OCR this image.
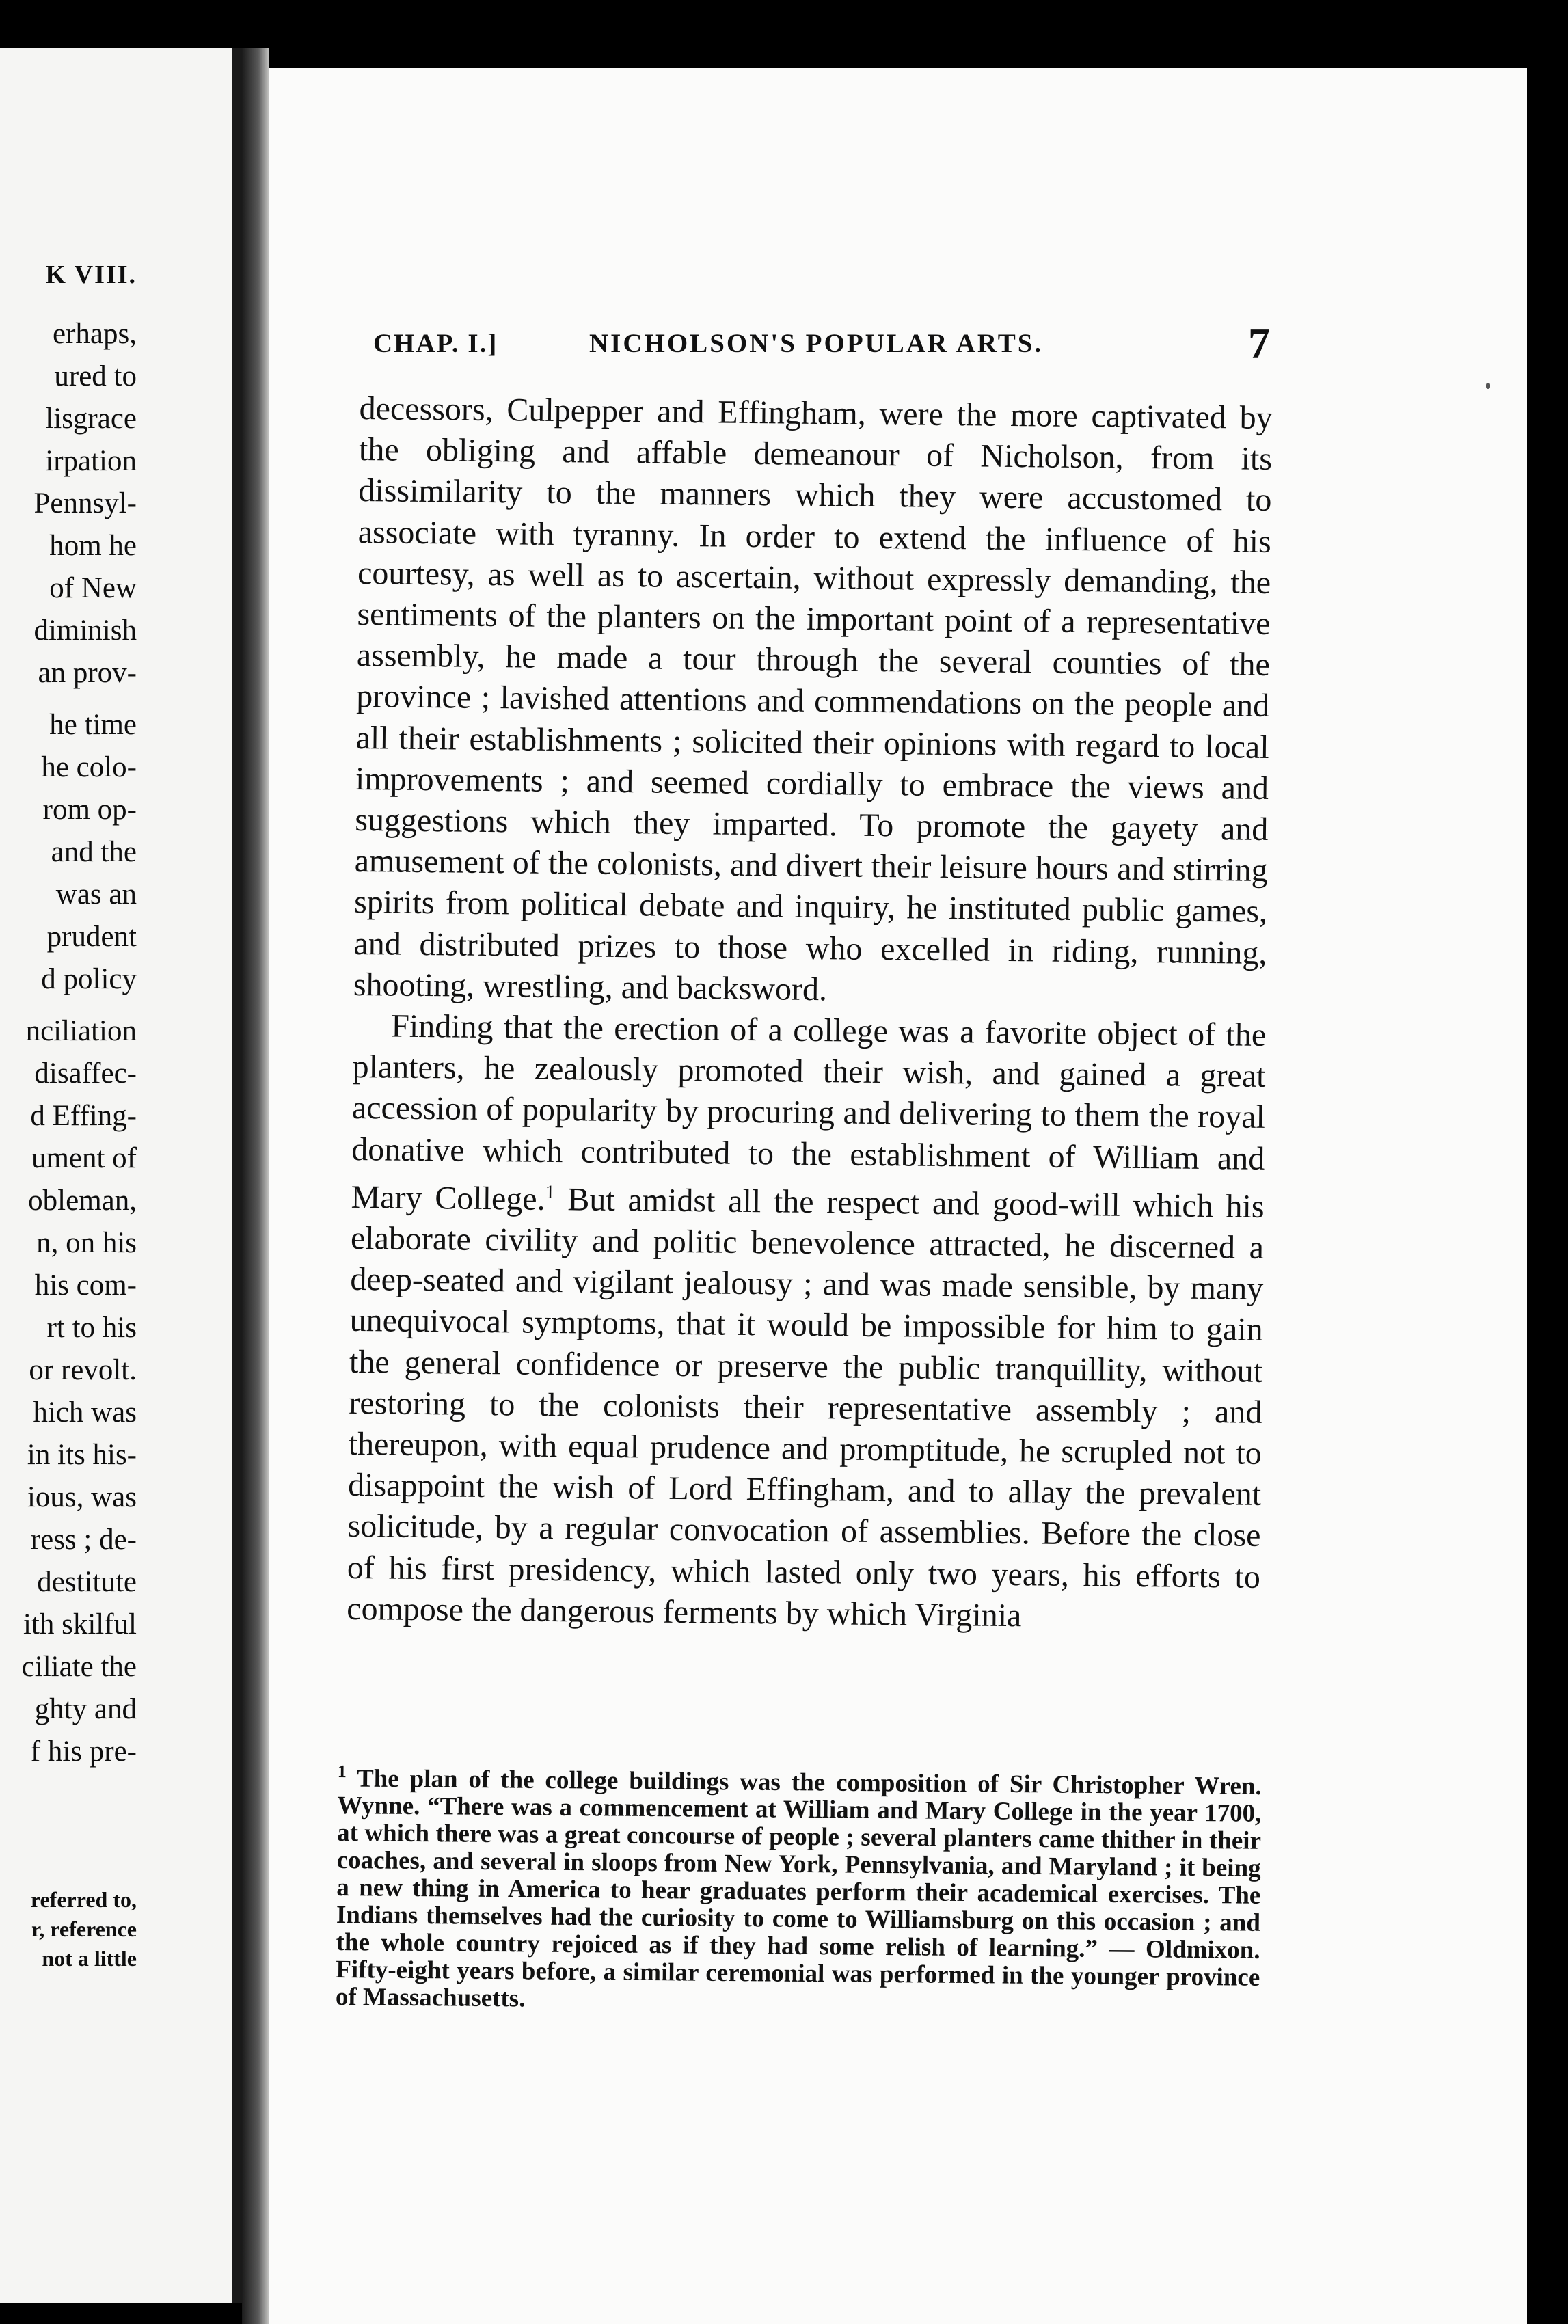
K VIII.
erhaps,
ured to
lisgrace
irpation
Pennsyl-
hom he
of New
diminish
an prov-
he time
he colo-
rom op-
and the
was an
prudent
d policy
nciliation
disaffec-
d Effing-
ument of
obleman,
n, on his
his com-
rt to his
or revolt.
hich was
in its his-
ious, was
ress ; de-
destitute
ith skilful
ciliate the
ghty and
f his pre-
referred to,
r, reference
not a little
CHAP. I.]	NICHOLSON'S POPULAR ARTS.	7

decessors, Culpepper and Effingham, were the more captivated by the obliging and affable demeanour of Nicholson, from its dissimilarity to the manners which they were accustomed to associate with tyranny. In order to extend the influence of his courtesy, as well as to ascertain, without expressly demanding, the sentiments of the planters on the important point of a representative assembly, he made a tour through the several counties of the province ; lavished attentions and commendations on the people and all their establishments ; solicited their opinions with regard to local improvements ; and seemed cordially to embrace the views and suggestions which they imparted. To promote the gayety and amusement of the colonists, and divert their leisure hours and stirring spirits from political debate and inquiry, he instituted public games, and distributed prizes to those who excelled in riding, running, shooting, wrestling, and backsword.

Finding that the erection of a college was a favorite object of the planters, he zealously promoted their wish, and gained a great accession of popularity by procuring and delivering to them the royal donative which contributed to the establishment of William and Mary College.$^1$ But amidst all the respect and good-will which his elaborate civility and politic benevolence attracted, he discerned a deep-seated and vigilant jealousy ; and was made sensible, by many unequivocal symptoms, that it would be impossible for him to gain the general confidence or preserve the public tranquillity, without restoring to the colonists their representative assembly ; and thereupon, with equal prudence and promptitude, he scrupled not to disappoint the wish of Lord Effingham, and to allay the prevalent solicitude, by a regular convocation of assemblies. Before the close of his first presidency, which lasted only two years, his efforts to compose the dangerous ferments by which Virginia

$^1$ The plan of the college buildings was the composition of Sir Christopher Wren. Wynne. “There was a commencement at William and Mary College in the year 1700, at which there was a great concourse of people ; several planters came thither in their coaches, and several in sloops from New York, Pennsylvania, and Maryland ; it being a new thing in America to hear graduates perform their academical exercises. The Indians themselves had the curiosity to come to Williamsburg on this occasion ; and the whole country rejoiced as if they had some relish of learning.” — Oldmixon. Fifty-eight years before, a similar ceremonial was performed in the younger province of Massachusetts.
